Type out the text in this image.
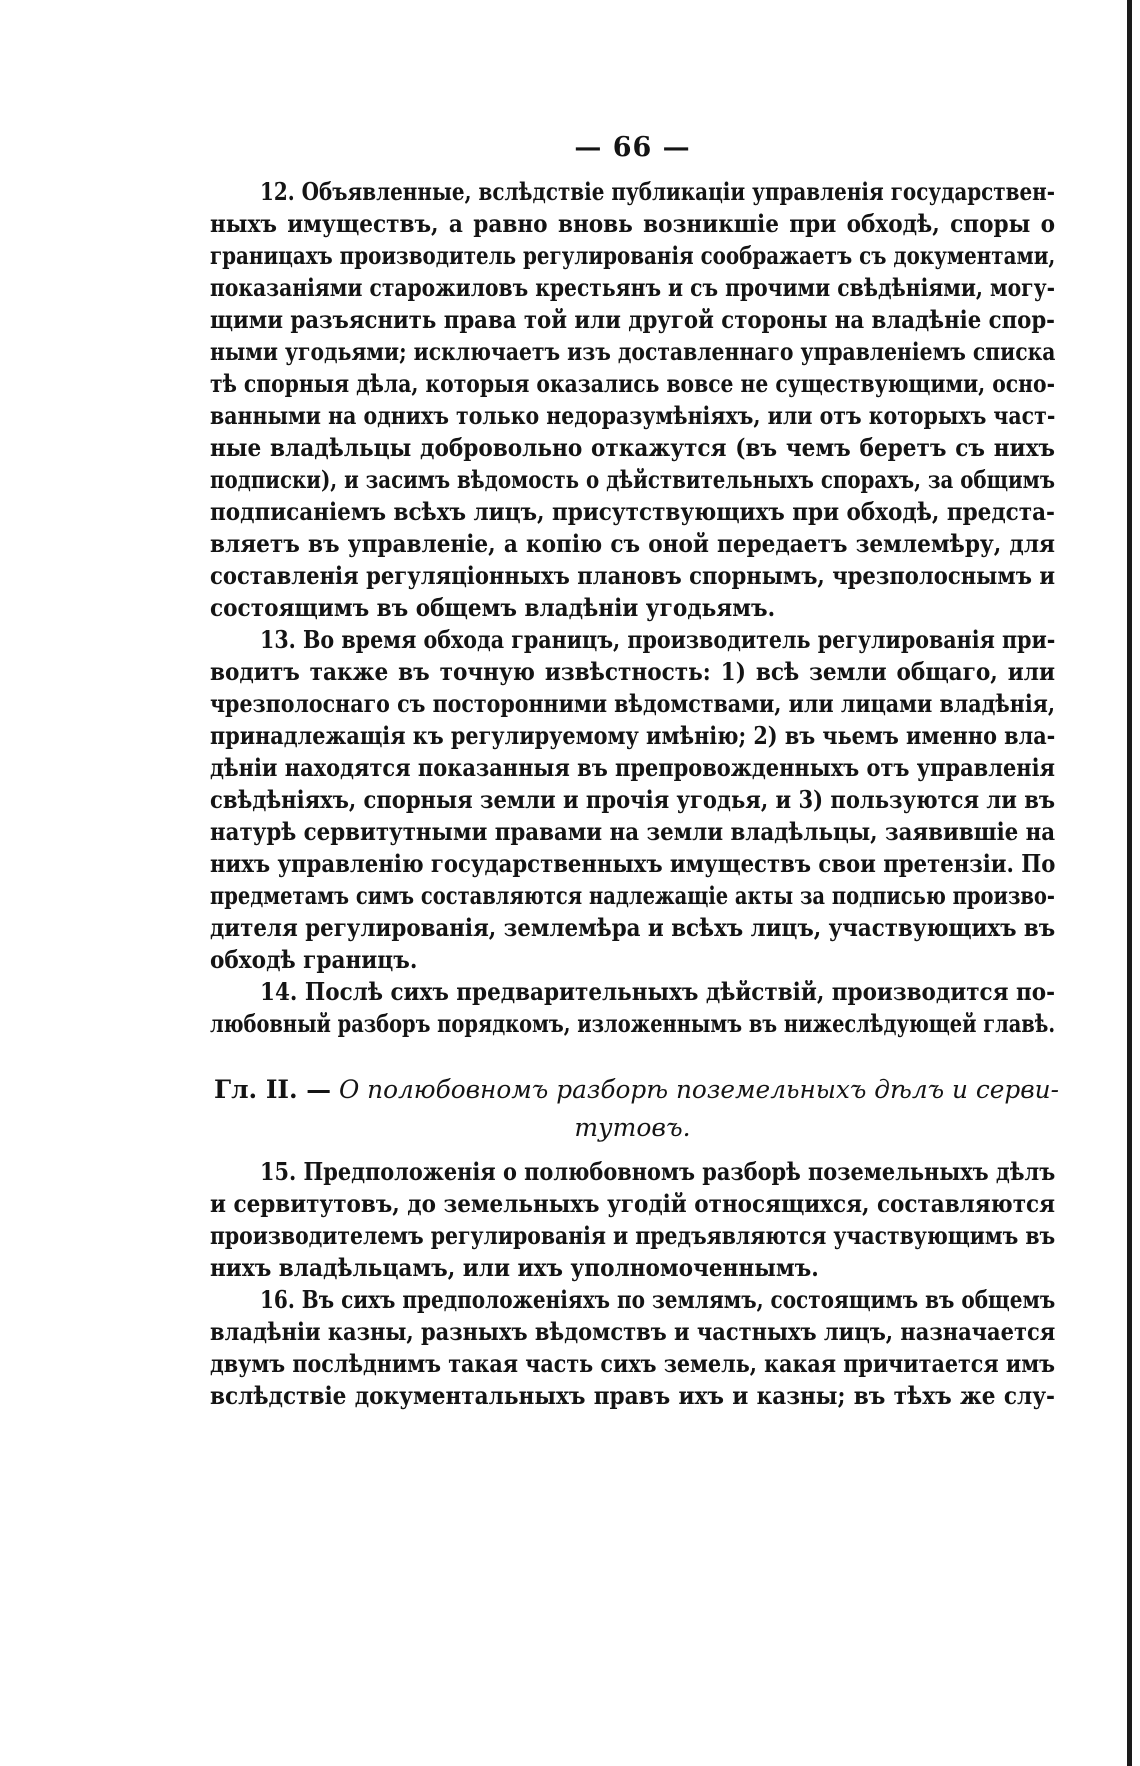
— 66 —
12. Объявленные, вслѣдствіе публикаціи управленія государствен-
ныхъ имуществъ, а равно вновь возникшіе при обходѣ, споры о
границахъ производитель регулированія соображаетъ съ документами,
показаніями старожиловъ крестьянъ и съ прочими свѣдѣніями, могу-
щими разъяснить права той или другой стороны на владѣніе спор-
ными угодьями; исключаетъ изъ доставленнаго управленіемъ списка
тѣ спорныя дѣла, которыя оказались вовсе не существующими, осно-
ванными на однихъ только недоразумѣніяхъ, или отъ которыхъ част-
ные владѣльцы добровольно откажутся (въ чемъ беретъ съ нихъ
подписки), и засимъ вѣдомость о дѣйствительныхъ спорахъ, за общимъ
подписаніемъ всѣхъ лицъ, присутствующихъ при обходѣ, предста-
вляетъ въ управленіе, а копію съ оной передаетъ землемѣру, для
составленія регуляціонныхъ плановъ спорнымъ, чрезполоснымъ и
состоящимъ въ общемъ владѣніи угодьямъ.
13. Во время обхода границъ, производитель регулированія при-
водитъ также въ точную извѣстность: 1) всѣ земли общаго, или
чрезполоснаго съ посторонними вѣдомствами, или лицами владѣнія,
принадлежащія къ регулируемому имѣнію; 2) въ чьемъ именно вла-
дѣніи находятся показанныя въ препровожденныхъ отъ управленія
свѣдѣніяхъ, спорныя земли и прочія угодья, и 3) пользуются ли въ
натурѣ сервитутными правами на земли владѣльцы, заявившіе на
нихъ управленію государственныхъ имуществъ свои претензіи. По
предметамъ симъ составляются надлежащіе акты за подписью произво-
дителя регулированія, землемѣра и всѣхъ лицъ, участвующихъ въ
обходѣ границъ.
14. Послѣ сихъ предварительныхъ дѣйствій, производится по-
любовный разборъ порядкомъ, изложеннымъ въ нижеслѣдующей главѣ.
Гл. II. — О полюбовномъ разборѣ поземельныхъ дѣлъ и серви-
тутовъ.
15. Предположенія о полюбовномъ разборѣ поземельныхъ дѣлъ
и сервитутовъ, до земельныхъ угодій относящихся, составляются
производителемъ регулированія и предъявляются участвующимъ въ
нихъ владѣльцамъ, или ихъ уполномоченнымъ.
16. Въ сихъ предположеніяхъ по землямъ, состоящимъ въ общемъ
владѣніи казны, разныхъ вѣдомствъ и частныхъ лицъ, назначается
двумъ послѣднимъ такая часть сихъ земель, какая причитается имъ
вслѣдствіе документальныхъ правъ ихъ и казны; въ тѣхъ же слу-
